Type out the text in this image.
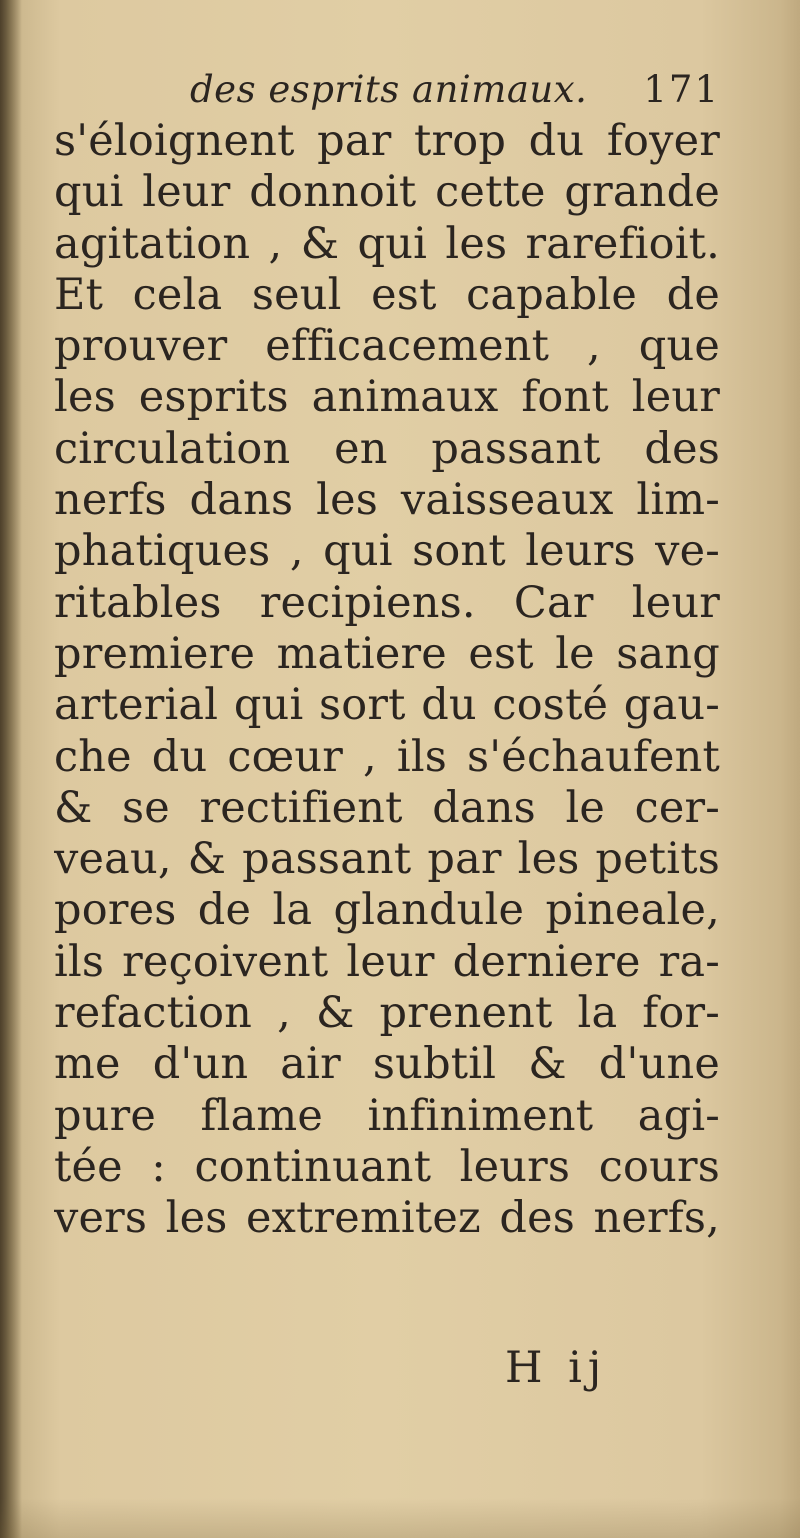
des esprits animaux. 171
s'éloignent par trop du foyer
qui leur donnoit cette grande
agitation , & qui les rarefioit.
Et cela seul est capable de
prouver efficacement , que
les esprits animaux font leur
circulation en passant des
nerfs dans les vaisseaux lim-
phatiques , qui sont leurs ve-
ritables recipiens. Car leur
premiere matiere est le sang
arterial qui sort du costé gau-
che du cœur , ils s'échaufent
& se rectifient dans le cer-
veau, & passant par les petits
pores de la glandule pineale,
ils reçoivent leur derniere ra-
refaction , & prenent la for-
me d'un air subtil & d'une
pure flame infiniment agi-
tée : continuant leurs cours
vers les extremitez des nerfs,
H ij
